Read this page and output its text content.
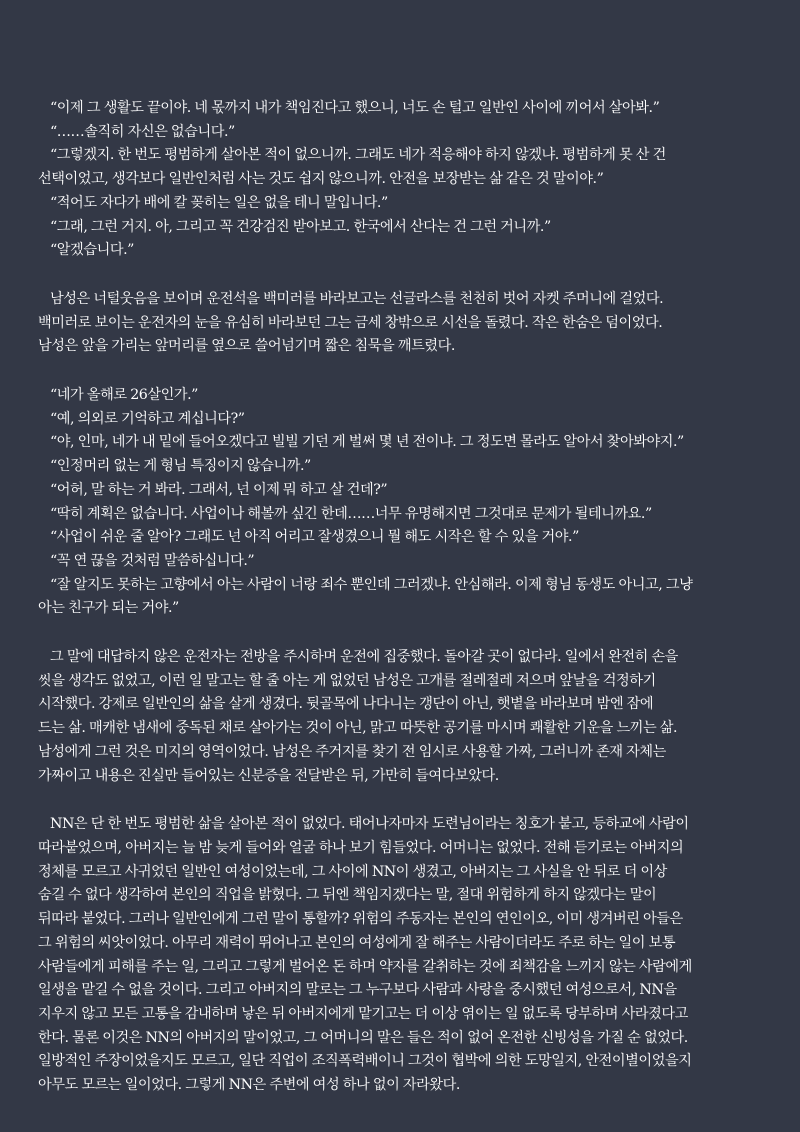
“이제 그 생활도 끝이야. 네 몫까지 내가 책임진다고 했으니, 너도 손 털고 일반인 사이에 끼어서 살아봐.”
“……솔직히 자신은 없습니다.”
“그렇겠지. 한 번도 평범하게 살아본 적이 없으니까. 그래도 네가 적응해야 하지 않겠냐. 평범하게 못 산 건
선택이었고, 생각보다 일반인처럼 사는 것도 쉽지 않으니까. 안전을 보장받는 삶 같은 것 말이야.”
“적어도 자다가 배에 칼 꽂히는 일은 없을 테니 말입니다.”
“그래, 그런 거지. 아, 그리고 꼭 건강검진 받아보고. 한국에서 산다는 건 그런 거니까.”
“알겠습니다.”
남성은 너털웃음을 보이며 운전석을 백미러를 바라보고는 선글라스를 천천히 벗어 자켓 주머니에 걸었다.
백미러로 보이는 운전자의 눈을 유심히 바라보던 그는 금세 창밖으로 시선을 돌렸다. 작은 한숨은 덤이었다.
남성은 앞을 가리는 앞머리를 옆으로 쓸어넘기며 짧은 침묵을 깨트렸다.
“네가 올해로 26살인가.”
“예, 의외로 기억하고 계십니다?”
“야, 인마, 네가 내 밑에 들어오겠다고 빌빌 기던 게 벌써 몇 년 전이냐. 그 정도면 몰라도 알아서 찾아봐야지.”
“인정머리 없는 게 형님 특징이지 않습니까.”
“어허, 말 하는 거 봐라. 그래서, 넌 이제 뭐 하고 살 건데?”
“딱히 계획은 없습니다. 사업이나 해볼까 싶긴 한데……너무 유명해지면 그것대로 문제가 될테니까요.”
“사업이 쉬운 줄 알아? 그래도 넌 아직 어리고 잘생겼으니 뭘 해도 시작은 할 수 있을 거야.”
“꼭 연 끊을 것처럼 말씀하십니다.”
“잘 알지도 못하는 고향에서 아는 사람이 너랑 죄수 뿐인데 그러겠냐. 안심해라. 이제 형님 동생도 아니고, 그냥
아는 친구가 되는 거야.”
그 말에 대답하지 않은 운전자는 전방을 주시하며 운전에 집중했다. 돌아갈 곳이 없다라. 일에서 완전히 손을
씻을 생각도 없었고, 이런 일 말고는 할 줄 아는 게 없었던 남성은 고개를 절레절레 저으며 앞날을 걱정하기
시작했다. 강제로 일반인의 삶을 살게 생겼다. 뒷골목에 나다니는 갱단이 아닌, 햇볕을 바라보며 밤엔 잠에
드는 삶. 매캐한 냄새에 중독된 채로 살아가는 것이 아닌, 맑고 따뜻한 공기를 마시며 쾌활한 기운을 느끼는 삶.
남성에게 그런 것은 미지의 영역이었다. 남성은 주거지를 찾기 전 임시로 사용할 가짜, 그러니까 존재 자체는
가짜이고 내용은 진실만 들어있는 신분증을 전달받은 뒤, 가만히 들여다보았다.
NN은 단 한 번도 평범한 삶을 살아본 적이 없었다. 태어나자마자 도련님이라는 칭호가 붙고, 등하교에 사람이
따라붙었으며, 아버지는 늘 밤 늦게 들어와 얼굴 하나 보기 힘들었다. 어머니는 없었다. 전해 듣기로는 아버지의
정체를 모르고 사귀었던 일반인 여성이었는데, 그 사이에 NN이 생겼고, 아버지는 그 사실을 안 뒤로 더 이상
숨길 수 없다 생각하여 본인의 직업을 밝혔다. 그 뒤엔 책임지겠다는 말, 절대 위험하게 하지 않겠다는 말이
뒤따라 붙었다. 그러나 일반인에게 그런 말이 통할까? 위험의 주동자는 본인의 연인이오, 이미 생겨버린 아들은
그 위험의 씨앗이었다. 아무리 재력이 뛰어나고 본인의 여성에게 잘 해주는 사람이더라도 주로 하는 일이 보통
사람들에게 피해를 주는 일, 그리고 그렇게 벌어온 돈 하며 약자를 갈취하는 것에 죄책감을 느끼지 않는 사람에게
일생을 맡길 수 없을 것이다. 그리고 아버지의 말로는 그 누구보다 사람과 사랑을 중시했던 여성으로서, NN을
지우지 않고 모든 고통을 감내하며 낳은 뒤 아버지에게 맡기고는 더 이상 엮이는 일 없도록 당부하며 사라졌다고
한다. 물론 이것은 NN의 아버지의 말이었고, 그 어머니의 말은 들은 적이 없어 온전한 신빙성을 가질 순 없었다.
일방적인 주장이었을지도 모르고, 일단 직업이 조직폭력배이니 그것이 협박에 의한 도망일지, 안전이별이었을지
아무도 모르는 일이었다. 그렇게 NN은 주변에 여성 하나 없이 자라왔다.
